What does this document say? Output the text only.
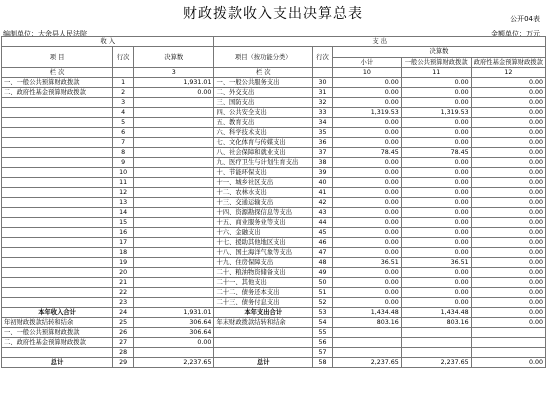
财政拨款收入支出决算总表	公开04表
编制单位：大余县人民法院	金额单位：万元
收 入			支 出				
项 目	行次	决算数	项目（按功能分类）	行次	决算数		
					小计	一般公共预算财政拨款	政府性基金预算财政拨款
栏 次		3	栏 次		10	11	12
一、一般公共预算财政拨款	1	1,931.01	一、一般公共服务支出	30	0.00	0.00	0.00
二、政府性基金预算财政拨款	2	0.00	二、外交支出	31	0.00	0.00	0.00
	3		三、国防支出	32	0.00	0.00	0.00
	4		四、公共安全支出	33	1,319.53	1,319.53	0.00
	5		五、教育支出	34	0.00	0.00	0.00
	6		六、科学技术支出	35	0.00	0.00	0.00
	7		七、文化体育与传媒支出	36	0.00	0.00	0.00
	8		八、社会保障和就业支出	37	78.45	78.45	0.00
	9		九、医疗卫生与计划生育支出	38	0.00	0.00	0.00
	10		十、节能环保支出	39	0.00	0.00	0.00
	11		十一、城乡社区支出	40	0.00	0.00	0.00
	12		十二、农林水支出	41	0.00	0.00	0.00
	13		十三、交通运输支出	42	0.00	0.00	0.00
	14		十四、资源勘探信息等支出	43	0.00	0.00	0.00
	15		十五、商业服务业等支出	44	0.00	0.00	0.00
	16		十六、金融支出	45	0.00	0.00	0.00
	17		十七、援助其他地区支出	46	0.00	0.00	0.00
	18		十八、国土海洋气象等支出	47	0.00	0.00	0.00
	19		十九、住房保障支出	48	36.51	36.51	0.00
	20		二十、粮油物资储备支出	49	0.00	0.00	0.00
	21		二十一、其他支出	50	0.00	0.00	0.00
	22		二十二、债务还本支出	51	0.00	0.00	0.00
	23		二十三、债务付息支出	52	0.00	0.00	0.00
本年收入合计	24	1,931.01	本年支出合计	53	1,434.48	1,434.48	0.00
年初财政拨款结转和结余	25	306.64	年末财政拨款结转和结余	54	803.16	803.16	0.00
一、一般公共预算财政拨款	26	306.64		55			
二、政府性基金预算财政拨款	27	0.00		56			
	28			57			
总计	29	2,237.65	总计	58	2,237.65	2,237.65	0.00
